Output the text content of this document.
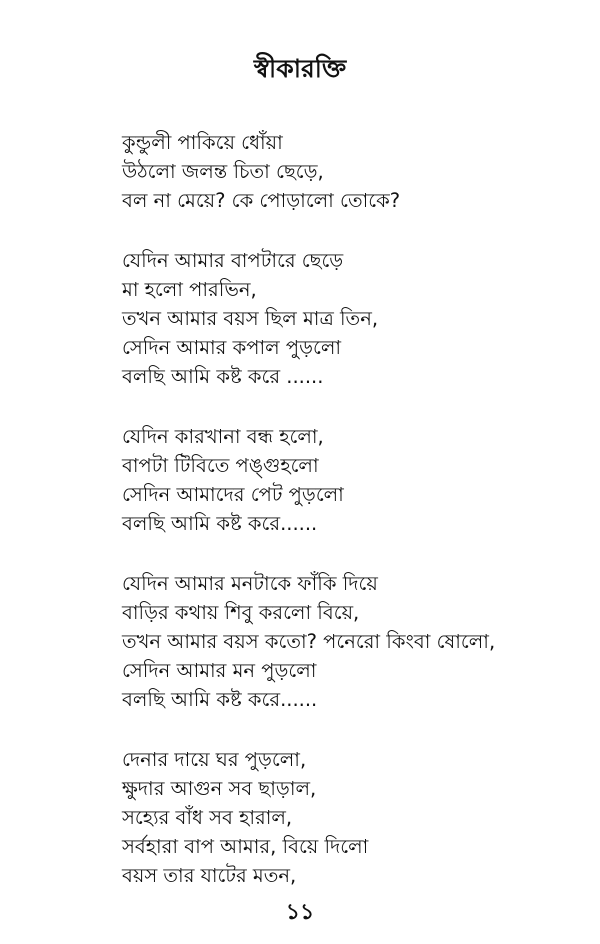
স্বীকারক্তি
কুন্ডুলী পাকিয়ে ধোঁয়া
উঠলো জলন্ত চিতা ছেড়ে,
বল না মেয়ে? কে পোড়ালো তোকে?
যেদিন আমার বাপটারে ছেড়ে
মা হলো পারভিন,
তখন আমার বয়স ছিল মাত্র তিন,
সেদিন আমার কপাল পুড়লো
বলছি আমি কষ্ট করে ......
যেদিন কারখানা বন্ধ হলো,
বাপটা টিবিতে পঙ্গুহলো
সেদিন আমাদের পেট পুড়লো
বলছি আমি কষ্ট করে......
যেদিন আমার মনটাকে ফাঁকি দিয়ে
বাড়ির কথায় শিবু করলো বিয়ে,
তখন আমার বয়স কতো? পনেরো কিংবা ষোলো,
সেদিন আমার মন পুড়লো
বলছি আমি কষ্ট করে......
দেনার দায়ে ঘর পুড়লো,
ক্ষুদার আগুন সব ছাড়াল,
সহ্যের বাঁধ সব হারাল,
সর্বহারা বাপ আমার, বিয়ে দিলো
বয়স তার যাটের মতন,
১১
